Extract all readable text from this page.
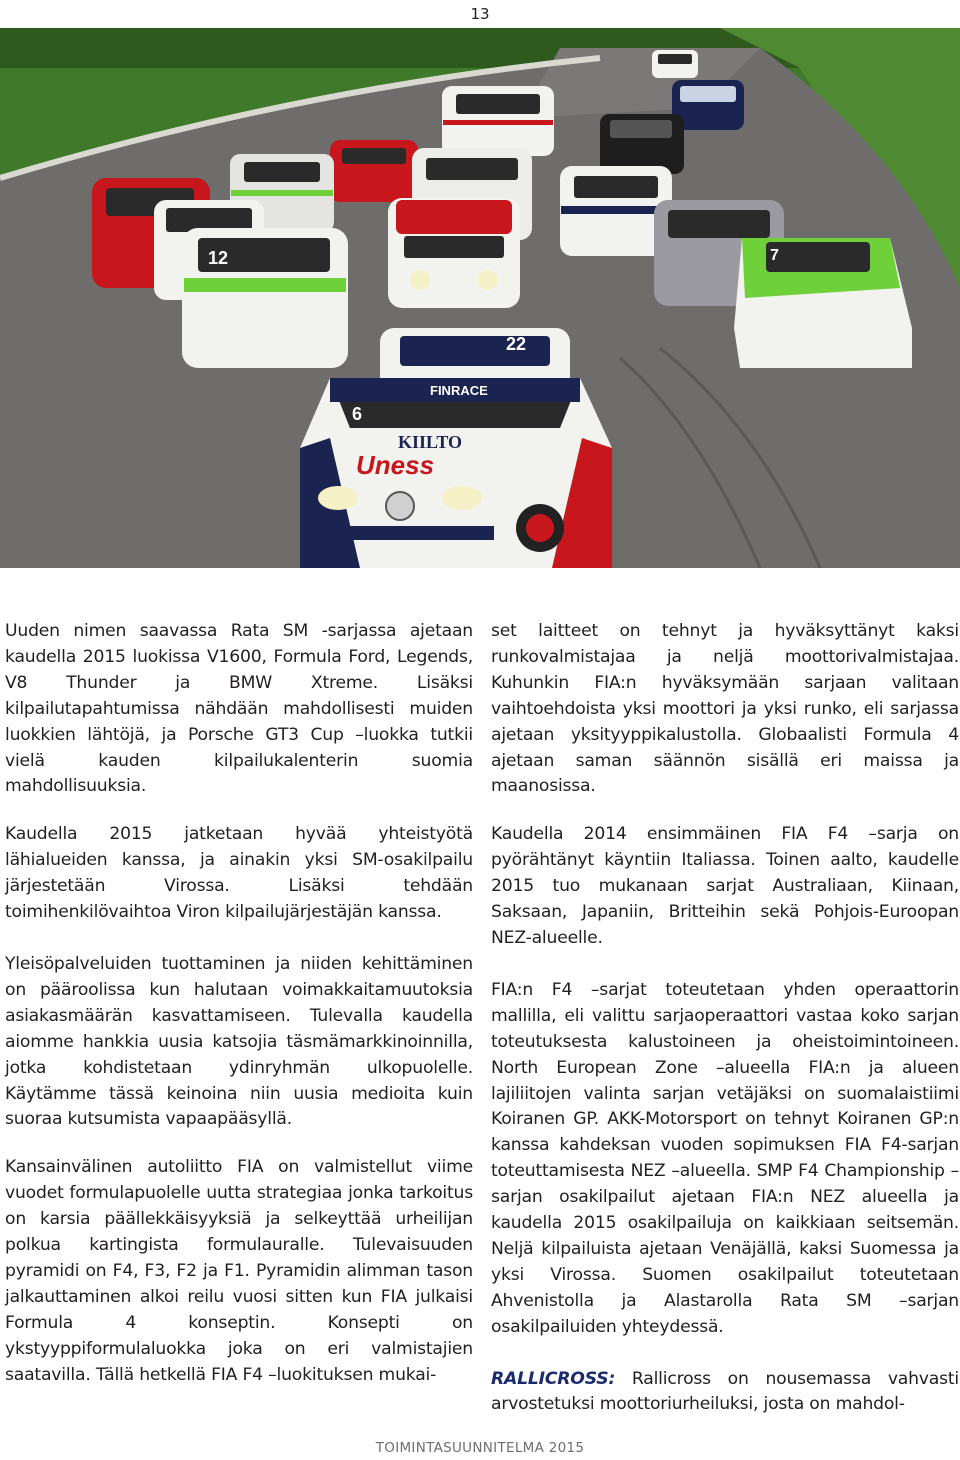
13
7
12
22
FINRACE
6
KIILTO
Uness

Uuden nimen saavassa Rata SM -sarjassa ajetaan kaudella 2015 luokissa V1600, Formula Ford, Legends, V8 Thunder ja BMW Xtreme. Lisäksi kilpailutapahtumissa nähdään mahdollisesti muiden luokkien lähtöjä, ja Porsche GT3 Cup –luokka tutkii vielä kauden kilpailukalenterin suomia mahdollisuuksia.

Kaudella 2015 jatketaan hyvää yhteistyötä lähialueiden kanssa, ja ainakin yksi SM-osakilpailu järjestetään Virossa. Lisäksi tehdään toimihenkilövaihtoa Viron kilpailujärjestäjän kanssa.

Yleisöpalveluiden tuottaminen ja niiden kehittäminen on pääroolissa kun halutaan voimakkaitamuutoksia asiakasmäärän kasvattamiseen. Tulevalla kaudella aiomme hankkia uusia katsojia täsmämarkkinoinnilla, jotka kohdistetaan ydinryhmän ulkopuolelle. Käytämme tässä keinoina niin uusia medioita kuin suoraa kutsumista vapaapääsyllä.

Kansainvälinen autoliitto FIA on valmistellut viime vuodet formulapuolelle uutta strategiaa jonka tarkoitus on karsia päällekkäisyyksiä ja selkeyttää urheilijan polkua kartingista formulauralle. Tulevaisuuden pyramidi on F4, F3, F2 ja F1. Pyramidin alimman tason jalkauttaminen alkoi reilu vuosi sitten kun FIA julkaisi Formula 4 konseptin. Konsepti on ykstyyppiformulaluokka joka on eri valmistajien saatavilla. Tällä hetkellä FIA F4 –luokituksen mukai-

set laitteet on tehnyt ja hyväksyttänyt kaksi runkovalmistajaa ja neljä moottorivalmistajaa. Kuhunkin FIA:n hyväksymään sarjaan valitaan vaihtoehdoista yksi moottori ja yksi runko, eli sarjassa ajetaan yksityyppikalustolla. Globaalisti Formula 4 ajetaan saman säännön sisällä eri maissa ja maanosissa.

Kaudella 2014 ensimmäinen FIA F4 –sarja on pyörähtänyt käyntiin Italiassa. Toinen aalto, kaudelle 2015 tuo mukanaan sarjat Australiaan, Kiinaan, Saksaan, Japaniin, Britteihin sekä Pohjois-Euroopan NEZ-alueelle.

FIA:n F4 –sarjat toteutetaan yhden operaattorin mallilla, eli valittu sarjaoperaattori vastaa koko sarjan toteutuksesta kalustoineen ja oheistoimintoineen. North European Zone –alueella FIA:n ja alueen lajiliitojen valinta sarjan vetäjäksi on suomalaistiimi Koiranen GP. AKK-Motorsport on tehnyt Koiranen GP:n kanssa kahdeksan vuoden sopimuksen FIA F4-sarjan toteuttamisesta NEZ –alueella. SMP F4 Championship –sarjan osakilpailut ajetaan FIA:n NEZ alueella ja kaudella 2015 osakilpailuja on kaikkiaan seitsemän. Neljä kilpailuista ajetaan Venäjällä, kaksi Suomessa ja yksi Virossa. Suomen osakilpailut toteutetaan Ahvenistolla ja Alastarolla Rata SM –sarjan osakilpailuiden yhteydessä.

RALLICROSS: Rallicross on nousemassa vahvasti arvostetuksi moottoriurheiluksi, josta on mahdol-

TOIMINTASUUNNITELMA 2015
